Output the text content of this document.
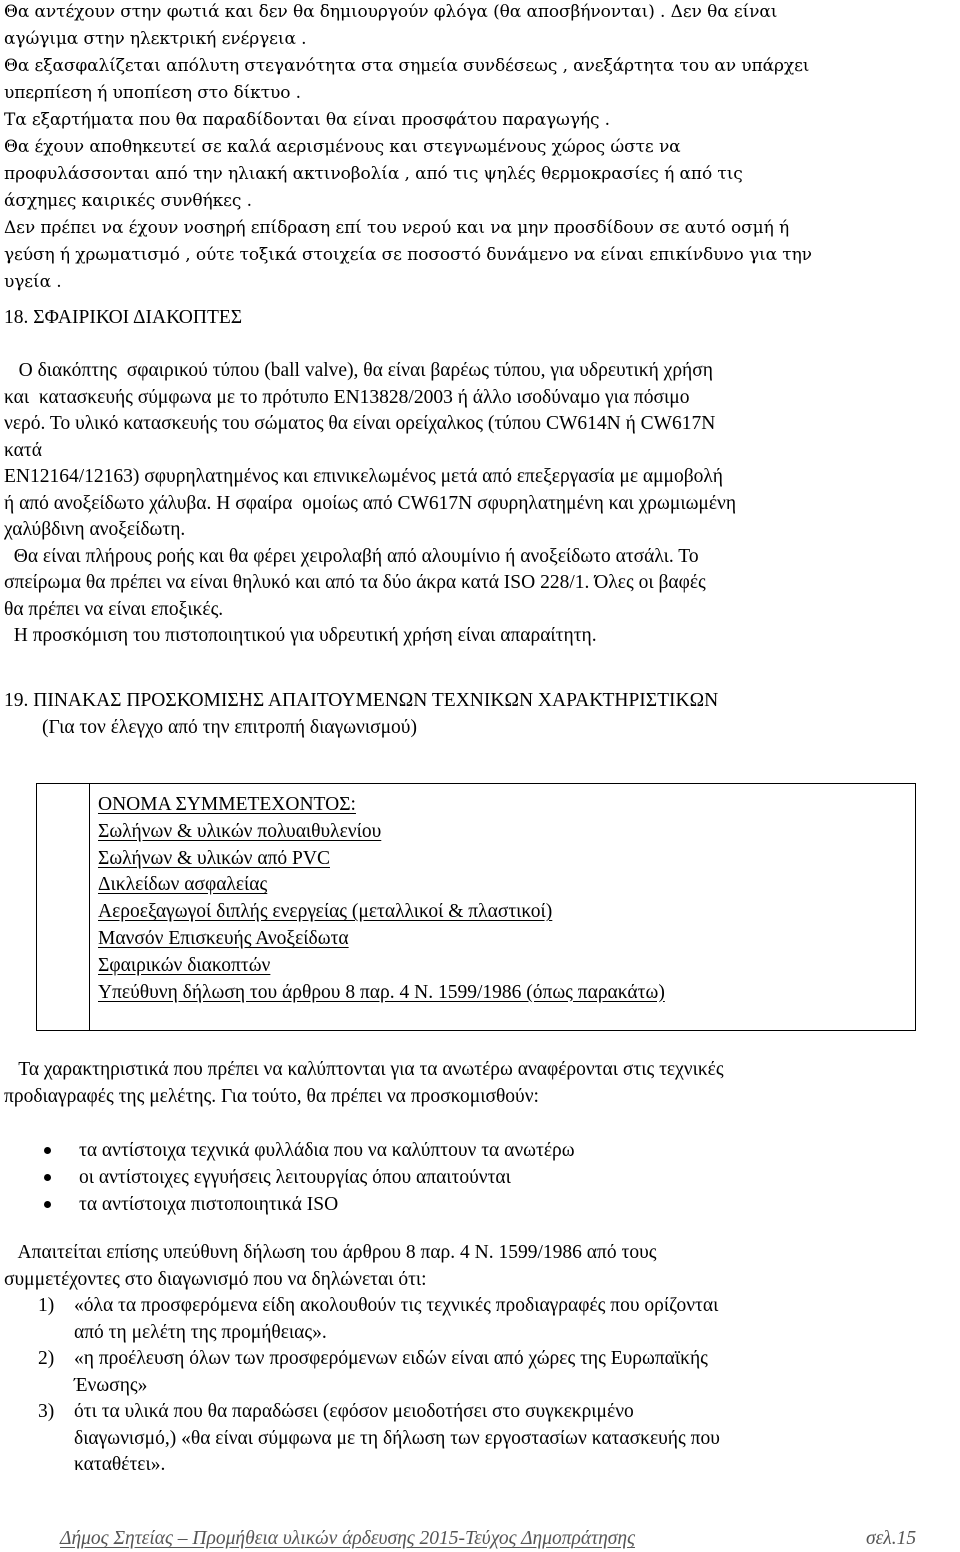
Θα αντέχουν στην φωτιά και δεν θα δημιουργούν φλόγα (θα αποσβήνονται) . Δεν θα είναι
αγώγιμα στην ηλεκτρική ενέργεια .
Θα εξασφαλίζεται απόλυτη στεγανότητα στα σημεία συνδέσεως , ανεξάρτητα του αν υπάρχει
υπερπίεση ή υποπίεση στο δίκτυο .
Τα εξαρτήματα που θα παραδίδονται θα είναι προσφάτου παραγωγής .
Θα έχουν αποθηκευτεί σε καλά αερισμένους και στεγνωμένους χώρος ώστε να
προφυλάσσονται από την ηλιακή ακτινοβολία , από τις ψηλές θερμοκρασίες ή από τις
άσχημες καιρικές συνθήκες .
Δεν πρέπει να έχουν νοσηρή επίδραση επί του νερού και να μην προσδίδουν σε αυτό οσμή ή
γεύση ή χρωματισμό , ούτε τοξικά στοιχεία σε ποσοστό δυνάμενο να είναι επικίνδυνο για την
υγεία .
18. ΣΦΑΙΡΙΚΟΙ ΔΙΑΚΟΠΤΕΣ
Ο διακόπτης  σφαιρικού τύπου (ball valve), θα είναι βαρέως τύπου, για υδρευτική χρήση
και  κατασκευής σύμφωνα με το πρότυπο ΕΝ13828/2003 ή άλλο ισοδύναμο για πόσιμο
νερό. Το υλικό κατασκευής του σώματος θα είναι ορείχαλκος (τύπου CW614N ή CW617N
κατά
ΕΝ12164/12163) σφυρηλατημένος και επινικελωμένος μετά από επεξεργασία με αμμοβολή
ή από ανοξείδωτο χάλυβα. Η σφαίρα  ομοίως από CW617N σφυρηλατημένη και χρωμιωμένη
χαλύβδινη ανοξείδωτη.
Θα είναι πλήρους ροής και θα φέρει χειρολαβή από αλουμίνιο ή ανοξείδωτο ατσάλι. Το
σπείρωμα θα πρέπει να είναι θηλυκό και από τα δύο άκρα κατά ISO 228/1. Όλες οι βαφές
θα πρέπει να είναι εποξικές.
Η προσκόμιση του πιστοποιητικού για υδρευτική χρήση είναι απαραίτητη.
19. ΠΙΝΑΚΑΣ ΠΡΟΣΚΟΜΙΣΗΣ ΑΠΑΙΤΟΥΜΕΝΩΝ ΤΕΧΝΙΚΩΝ ΧΑΡΑΚΤΗΡΙΣΤΙΚΩΝ
(Για τον έλεγχο από την επιτροπή διαγωνισμού)

ΟΝΟΜΑ ΣΥΜΜΕΤΕΧΟΝΤΟΣ:
Σωλήνων & υλικών πολυαιθυλενίου
Σωλήνων & υλικών από PVC
Δικλείδων ασφαλείας
Αεροεξαγωγοί διπλής ενεργείας (μεταλλικοί & πλαστικοί)
Μανσόν Επισκευής Ανοξείδωτα
Σφαιρικών διακοπτών
Υπεύθυνη δήλωση του άρθρου 8 παρ. 4 Ν. 1599/1986 (όπως παρακάτω)
Τα χαρακτηριστικά που πρέπει να καλύπτονται για τα ανωτέρω αναφέρονται στις τεχνικές
προδιαγραφές της μελέτης. Για τούτο, θα πρέπει να προσκομισθούν:
τα αντίστοιχα τεχνικά φυλλάδια που να καλύπτουν τα ανωτέρω
οι αντίστοιχες εγγυήσεις λειτουργίας όπου απαιτούνται
τα αντίστοιχα πιστοποιητικά ISO
Απαιτείται επίσης υπεύθυνη δήλωση του άρθρου 8 παρ. 4 Ν. 1599/1986 από τους
συμμετέχοντες στο διαγωνισμό που να δηλώνεται ότι:
1) «όλα τα προσφερόμενα είδη ακολουθούν τις τεχνικές προδιαγραφές που ορίζονται
από τη μελέτη της προμήθειας».
2) «η προέλευση όλων των προσφερόμενων ειδών είναι από χώρες της Ευρωπαϊκής
Ένωσης»
3) ότι τα υλικά που θα παραδώσει (εφόσον μειοδοτήσει στο συγκεκριμένο
διαγωνισμό,) «θα είναι σύμφωνα με τη δήλωση των εργοστασίων κατασκευής που
καταθέτει».
Δήμος Σητείας – Προμήθεια υλικών άρδευσης 2015-Τεύχος Δημοπράτησης	σελ.15
